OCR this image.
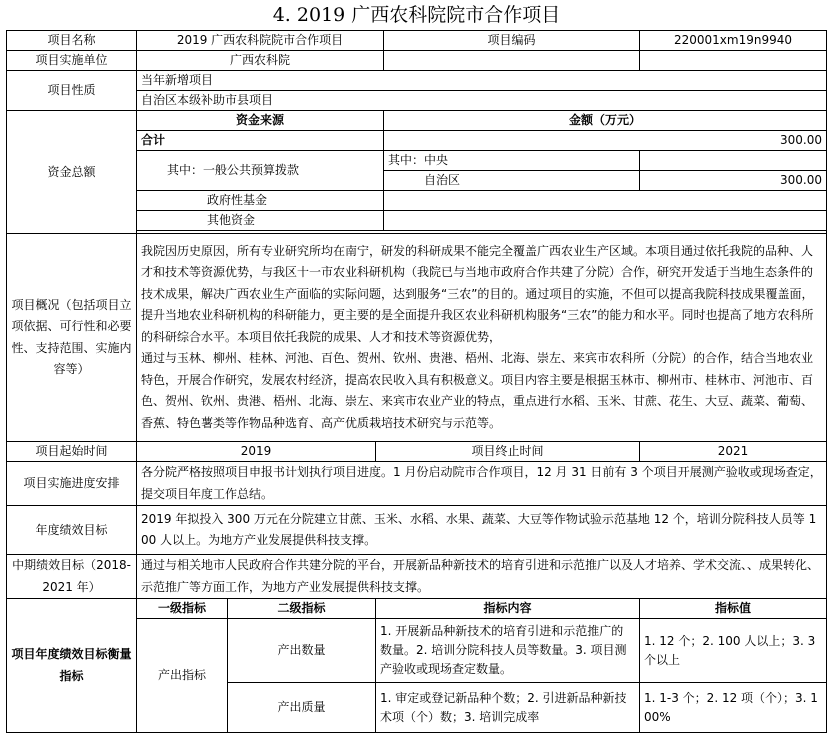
4. 2019 广西农科院院市合作项目
项目名称	2019 广西农科院院市合作项目			项目编码	220001xm19n9940
项目实施单位	广西农科院				
项目性质	当年新增项目				
	自治区本级补助市县项目				
资金总额	资金来源			金额（万元）	
	合计			300.00	
	其中：一般公共预算拨款			其中：中央	
				自治区	300.00
	政府性基金				
	其他资金				

项目概况（包括项目立项依据、可行性和必要性、支持范围、实施内容等）	我院因历史原因，所有专业研究所均在南宁，研发的科研成果不能完全覆盖广西农业生产区域。本项目通过依托我院的品种、人才和技术等资源优势，与我区十一市农业科研机构（我院已与当地市政府合作共建了分院）合作，研究开发适于当地生态条件的技术成果，解决广西农业生产面临的实际问题，达到服务“三农”的目的。通过项目的实施，不但可以提高我院科技成果覆盖面，提升当地农业科研机构的科研能力，更主要的是全面提升我区农业科研机构服务“三农”的能力和水平。同时也提高了地方农科所的科研综合水平。本项目依托我院的成果、人才和技术等资源优势，
通过与玉林、柳州、桂林、河池、百色、贺州、钦州、贵港、梧州、北海、崇左、来宾市农科所（分院）的合作，结合当地农业特色，开展合作研究，发展农村经济，提高农民收入具有积极意义。项目内容主要是根据玉林市、柳州市、桂林市、河池市、百色、贺州、钦州、贵港、梧州、北海、崇左、来宾市农业产业的特点，重点进行水稻、玉米、甘蔗、花生、大豆、蔬菜、葡萄、香蕉、特色薯类等作物品种选育、高产优质栽培技术研究与示范等。				

项目起始时间	2019		项目终止时间		2021
项目实施进度安排	各分院严格按照项目申报书计划执行项目进度。1 月份启动院市合作项目，12 月 31 日前有 3 个项目开展测产验收或现场查定，提交项目年度工作总结。				
年度绩效目标	2019 年拟投入 300 万元在分院建立甘蔗、玉米、水稻、水果、蔬菜、大豆等作物试验示范基地 12 个，培训分院科技人员等 100 人以上。为地方产业发展提供科技支撑。				
中期绩效目标（2018-2021 年）	通过与相关地市人民政府合作共建分院的平台，开展新品种新技术的培育引进和示范推广以及人才培养、学术交流、、成果转化、示范推广等方面工作，为地方产业发展提供科技支撑。				
项目年度绩效目标衡量指标	一级指标	二级指标	指标内容		指标值
	产出指标	产出数量	1. 开展新品种新技术的培育引进和示范推广的数量。2. 培训分院科技人员等数量。3. 项目测产验收或现场查定数量。		1. 12 个；2. 100 人以上；3. 3 个以上
		产出质量	1. 审定或登记新品种个数；2. 引进新品种新技术项（个）数；3. 培训完成率		1. 1-3 个；2. 12 项（个）；3. 100%
